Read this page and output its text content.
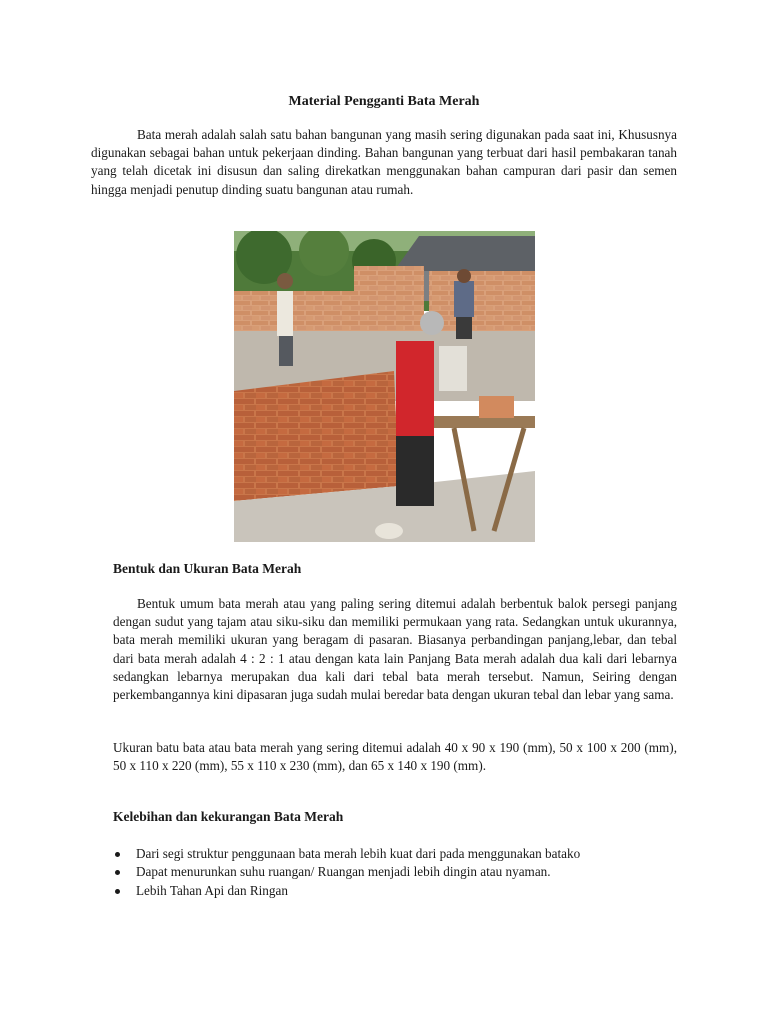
Material Pengganti Bata Merah
Bata merah adalah salah satu bahan bangunan yang masih sering digunakan pada saat ini, Khususnya digunakan sebagai bahan untuk pekerjaan dinding. Bahan bangunan yang terbuat dari hasil pembakaran tanah yang telah dicetak ini disusun dan saling direkatkan menggunakan bahan campuran dari pasir dan semen hingga menjadi penutup dinding suatu bangunan atau rumah.
Bentuk dan Ukuran Bata Merah
Bentuk umum bata merah atau yang paling sering ditemui adalah berbentuk balok persegi panjang dengan sudut yang tajam atau siku-siku dan memiliki permukaan yang rata. Sedangkan untuk ukurannya, bata merah memiliki ukuran yang beragam di pasaran. Biasanya perbandingan panjang,lebar, dan tebal dari bata merah adalah 4 : 2 : 1 atau dengan kata lain Panjang Bata merah adalah dua kali dari lebarnya sedangkan lebarnya merupakan dua kali dari tebal bata merah tersebut. Namun, Seiring dengan perkembangannya kini dipasaran juga sudah mulai beredar bata dengan ukuran tebal dan lebar yang sama.
Ukuran batu bata atau bata merah yang sering ditemui adalah 40 x 90 x 190 (mm), 50 x 100 x 200 (mm), 50 x 110 x 220 (mm), 55 x 110 x 230 (mm), dan 65 x 140 x 190 (mm).
Kelebihan dan kekurangan Bata Merah
Dari segi struktur penggunaan bata merah lebih kuat dari pada menggunakan batako
Dapat menurunkan suhu ruangan/ Ruangan menjadi lebih dingin atau nyaman.
Lebih Tahan Api dan Ringan
